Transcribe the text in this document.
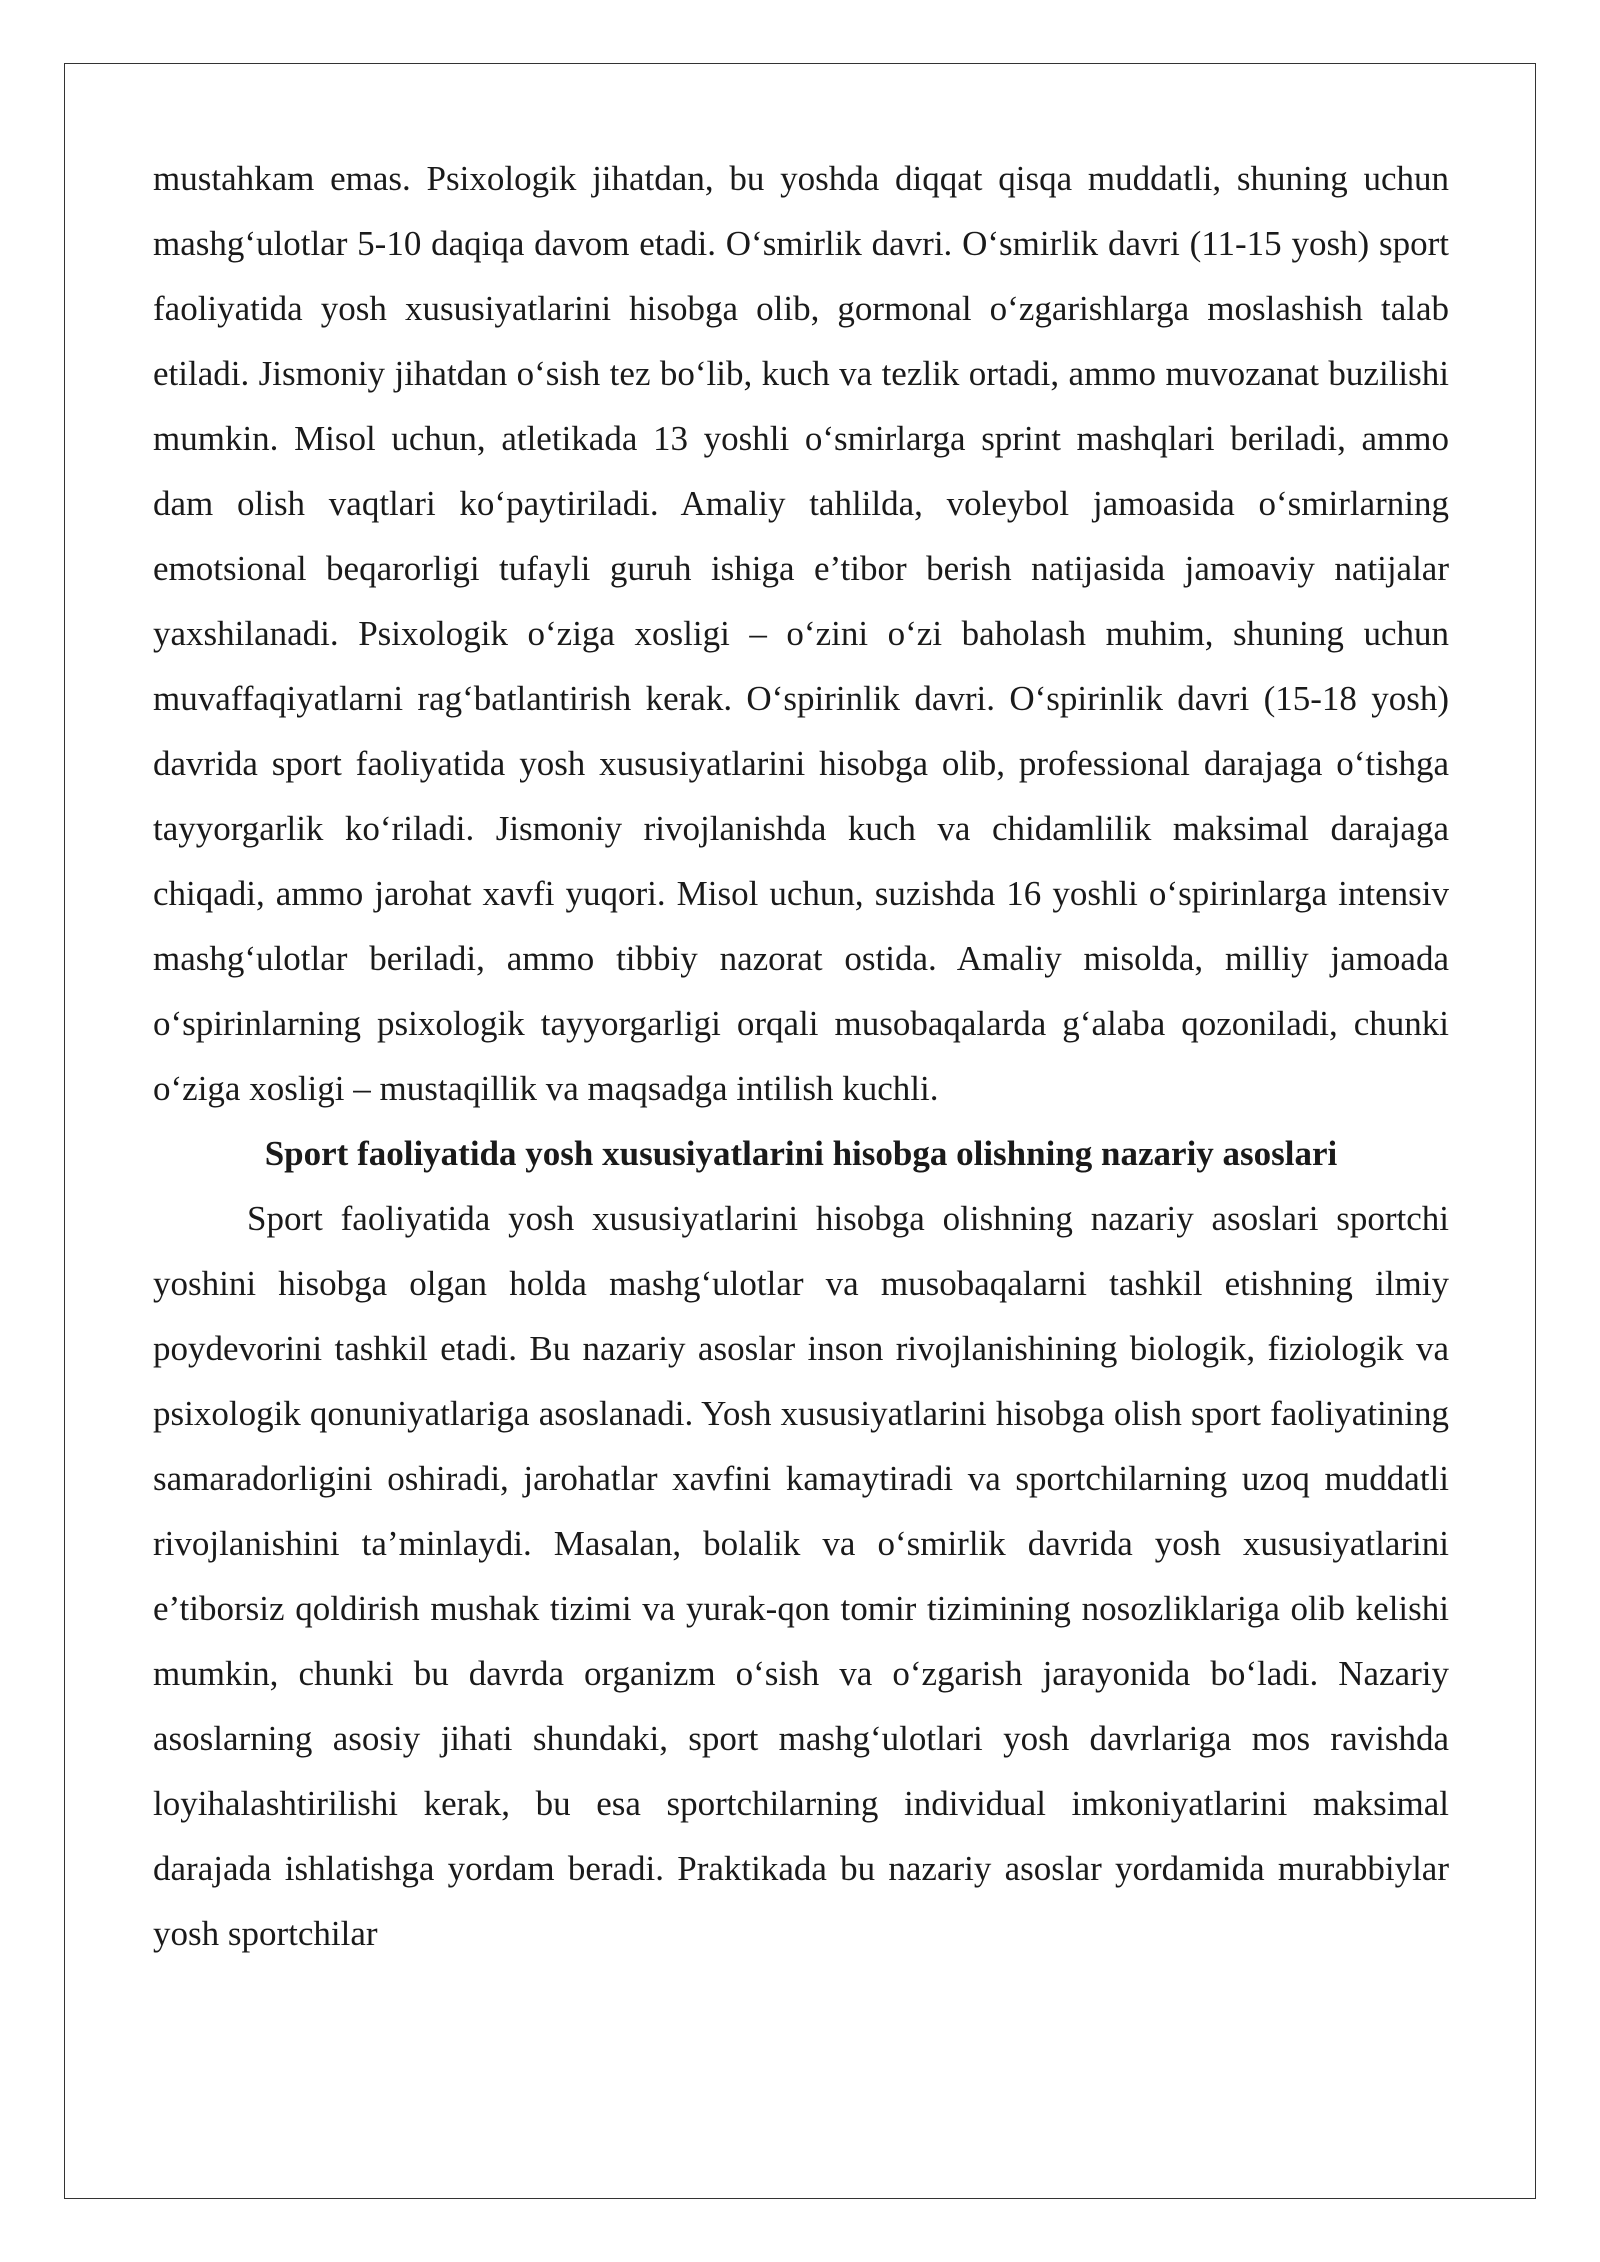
mustahkam emas. Psixologik jihatdan, bu yoshda diqqat qisqa muddatli, shuning uchun mashg‘ulotlar 5-10 daqiqa davom etadi. O‘smirlik davri. O‘smirlik davri (11-15 yosh) sport faoliyatida yosh xususiyatlarini hisobga olib, gormonal o‘zgarishlarga moslashish talab etiladi. Jismoniy jihatdan o‘sish tez bo‘lib, kuch va tezlik ortadi, ammo muvozanat buzilishi mumkin. Misol uchun, atletikada 13 yoshli o‘smirlarga sprint mashqlari beriladi, ammo dam olish vaqtlari ko‘paytiriladi. Amaliy tahlilda, voleybol jamoasida o‘smirlarning emotsional beqarorligi tufayli guruh ishiga e’tibor berish natijasida jamoaviy natijalar yaxshilanadi. Psixologik o‘ziga xosligi – o‘zini o‘zi baholash muhim, shuning uchun muvaffaqiyatlarni rag‘batlantirish kerak. O‘spirinlik davri. O‘spirinlik davri (15-18 yosh) davrida sport faoliyatida yosh xususiyatlarini hisobga olib, professional darajaga o‘tishga tayyorgarlik ko‘riladi. Jismoniy rivojlanishda kuch va chidamlilik maksimal darajaga chiqadi, ammo jarohat xavfi yuqori. Misol uchun, suzishda 16 yoshli o‘spirinlarga intensiv mashg‘ulotlar beriladi, ammo tibbiy nazorat ostida. Amaliy misolda, milliy jamoada o‘spirinlarning psixologik tayyorgarligi orqali musobaqalarda g‘alaba qozoniladi, chunki o‘ziga xosligi – mustaqillik va maqsadga intilish kuchli.

Sport faoliyatida yosh xususiyatlarini hisobga olishning nazariy asoslari

Sport faoliyatida yosh xususiyatlarini hisobga olishning nazariy asoslari sportchi yoshini hisobga olgan holda mashg‘ulotlar va musobaqalarni tashkil etishning ilmiy poydevorini tashkil etadi. Bu nazariy asoslar inson rivojlanishining biologik, fiziologik va psixologik qonuniyatlariga asoslanadi. Yosh xususiyatlarini hisobga olish sport faoliyatining samaradorligini oshiradi, jarohatlar xavfini kamaytiradi va sportchilarning uzoq muddatli rivojlanishini ta’minlaydi. Masalan, bolalik va o‘smirlik davrida yosh xususiyatlarini e’tiborsiz qoldirish mushak tizimi va yurak-qon tomir tizimining nosozliklariga olib kelishi mumkin, chunki bu davrda organizm o‘sish va o‘zgarish jarayonida bo‘ladi. Nazariy asoslarning asosiy jihati shundaki, sport mashg‘ulotlari yosh davrlariga mos ravishda loyihalashtirilishi kerak, bu esa sportchilarning individual imkoniyatlarini maksimal darajada ishlatishga yordam beradi. Praktikada bu nazariy asoslar yordamida murabbiylar yosh sportchilar
